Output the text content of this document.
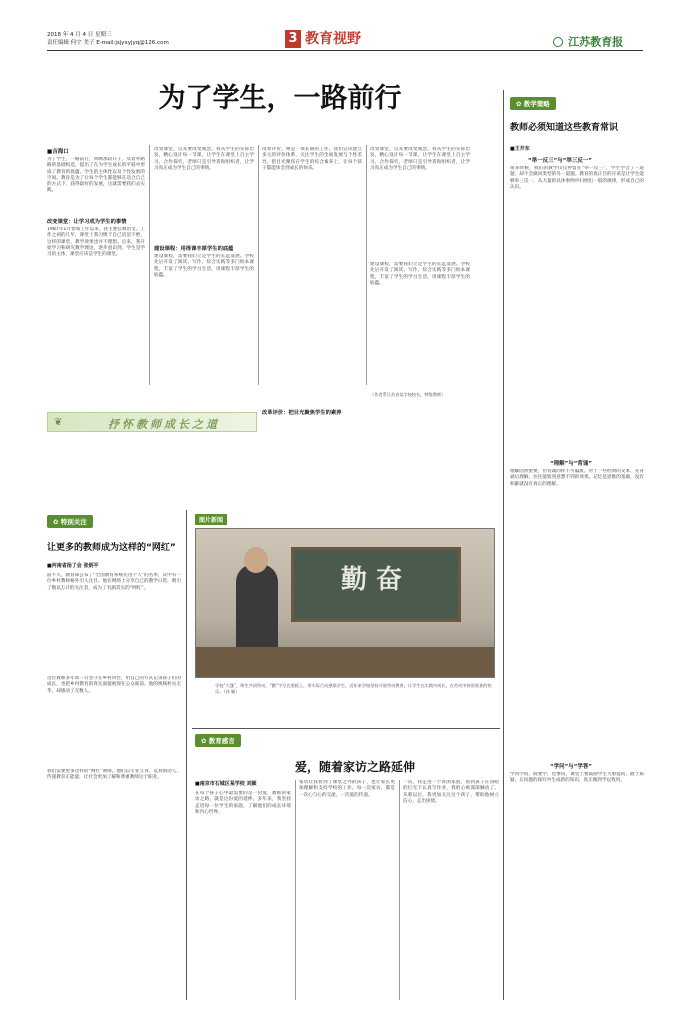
2018 年 4 月 4 日 星期三
责任编辑 何宇 美子 E-mail:jsjyxyjyq@126.com	3 教育视野	江苏教育报
为了学生，一路前行
■吉海口
为了学生，一路前行，回顾那段日子，从着外路路的基础构造，提出了在为学生成长的平稳中形成了教育的底蕴，学生的主体性以及个性发展的空间。教育是为了让每个学生都能够在适合自己的方式下，获得最好的发展，这就需要我们去实践。
改变课堂：让学习成为学生的事情
1987年1月参加工作以来，我主要任教语文。工作之初的几年，课堂上我习惯于自己滔滔不绝，这样的课堂，教学效果也并不理想。后来，我开始学习和研究教学理论，逐步意识到，学生是学习的主体，课堂应该是学生的课堂。
改变课堂，首先要改变观念。我从学生的实际出发，精心设计每一节课，让学生在课堂上自主学习、合作探究，老师只是引导者和组织者，让学习真正成为学生自己的事情。
建设课程：用得课丰厚学生的底蕴
建设课程，需要我们立足学生的长远发展。学校先后开发了阅读、写作、综合实践等多门校本课程，丰富了学生的学习生活，用课程丰厚学生的底蕴。
改革评价，则是一项长期的工作。我们尝试建立多元的评价体系，关注学生的全面发展与个性差异，把目光聚焦在学生的综合素养上，让每个孩子都能体会到成长的快乐。
改变课堂，首先要改变观念。我从学生的实际出发，精心设计每一节课，让学生在课堂上自主学习、合作探究，老师只是引导者和组织者，让学习真正成为学生自己的事情。
改革评价：把目光聚焦学生的素养
建设课程，需要我们立足学生的长远发展。学校先后开发了阅读、写作、综合实践等多门校本课程，丰富了学生的学习生活，用课程丰厚学生的底蕴。
（作者系江苏省某学校校长，特级教师）
❦	抒怀教师成长之道
✿ 教学策略
教师必须知道这些教育常识
■王开东
“举一反三”与“举三反一”
很多时候，我们的教学仅仅停留在“举一反三”，学生学会了一道题，却不会做同类型的另一道题。教育的真正目的应该是让学生能够举三反一，从大量的具体事例中归纳出一般的规律，形成自己的认识。
“理解”与“背诵”
理解固然重要，但背诵同样不可偏废。对于一些经典的文本，先背诵后理解，往往能收到意想不到的效果。记忆是思维的基础，没有积累就没有真正的理解。
“学问”与“学答”
学问学问，既要学，也要问。课堂上要鼓励学生大胆提问，敢于质疑，在问题的探究中生成新的知识，真正做到学以致用。
✿ 特别关注
让更多的教师成为这样的“网红”
■河南省扬了会 张炳平
前不久，教育部公布了“全国教育系统先进个人”的名单，其中有一位乡村教师格外引人注目。他在网络上分享自己的教学日常，吸引了数以万计的关注者，成为了名副其实的“网红”。
这位教师多年如一日坚守在乡村讲台，用自己的方式记录孩子们的成长，也把乡村教育的真实面貌展现在公众面前。他的视频朴实无华，却感动了无数人。
我们需要更多这样的“网红”教师。他们以专业立身，以真情动人，传递教育正能量，让社会更加了解和尊重教师这个职业。
图片新闻
勤 奋
学校“大篷”，师生共同劳动，“勤”字写在黑板上，用实际行动感染学生。近年来学校坚持开展劳动教育，让学生在实践中成长，在劳动中体验收获的快乐。（孙 颖）
✿ 教育感言
爱，随着家访之路延伸
■南京市石城区某学校 刘颖
在每个孩子心中最需要的是一份爱，教师的家访之路，就是这份爱的延伸。多年来，我坚持走进每一位学生的家庭，了解他们的成长环境和内心世界。
家访让我看到了课堂之外的孩子，也让家长更加理解和支持学校的工作。每一次家访，都是一次心与心的交流，一次爱的传递。
一次，我走进一个贫困家庭，看到孩子在昏暗的灯光下认真写作业，我的心被深深触动了。从那以后，我更加关注这个孩子，帮助他树立信心，走出困境。
